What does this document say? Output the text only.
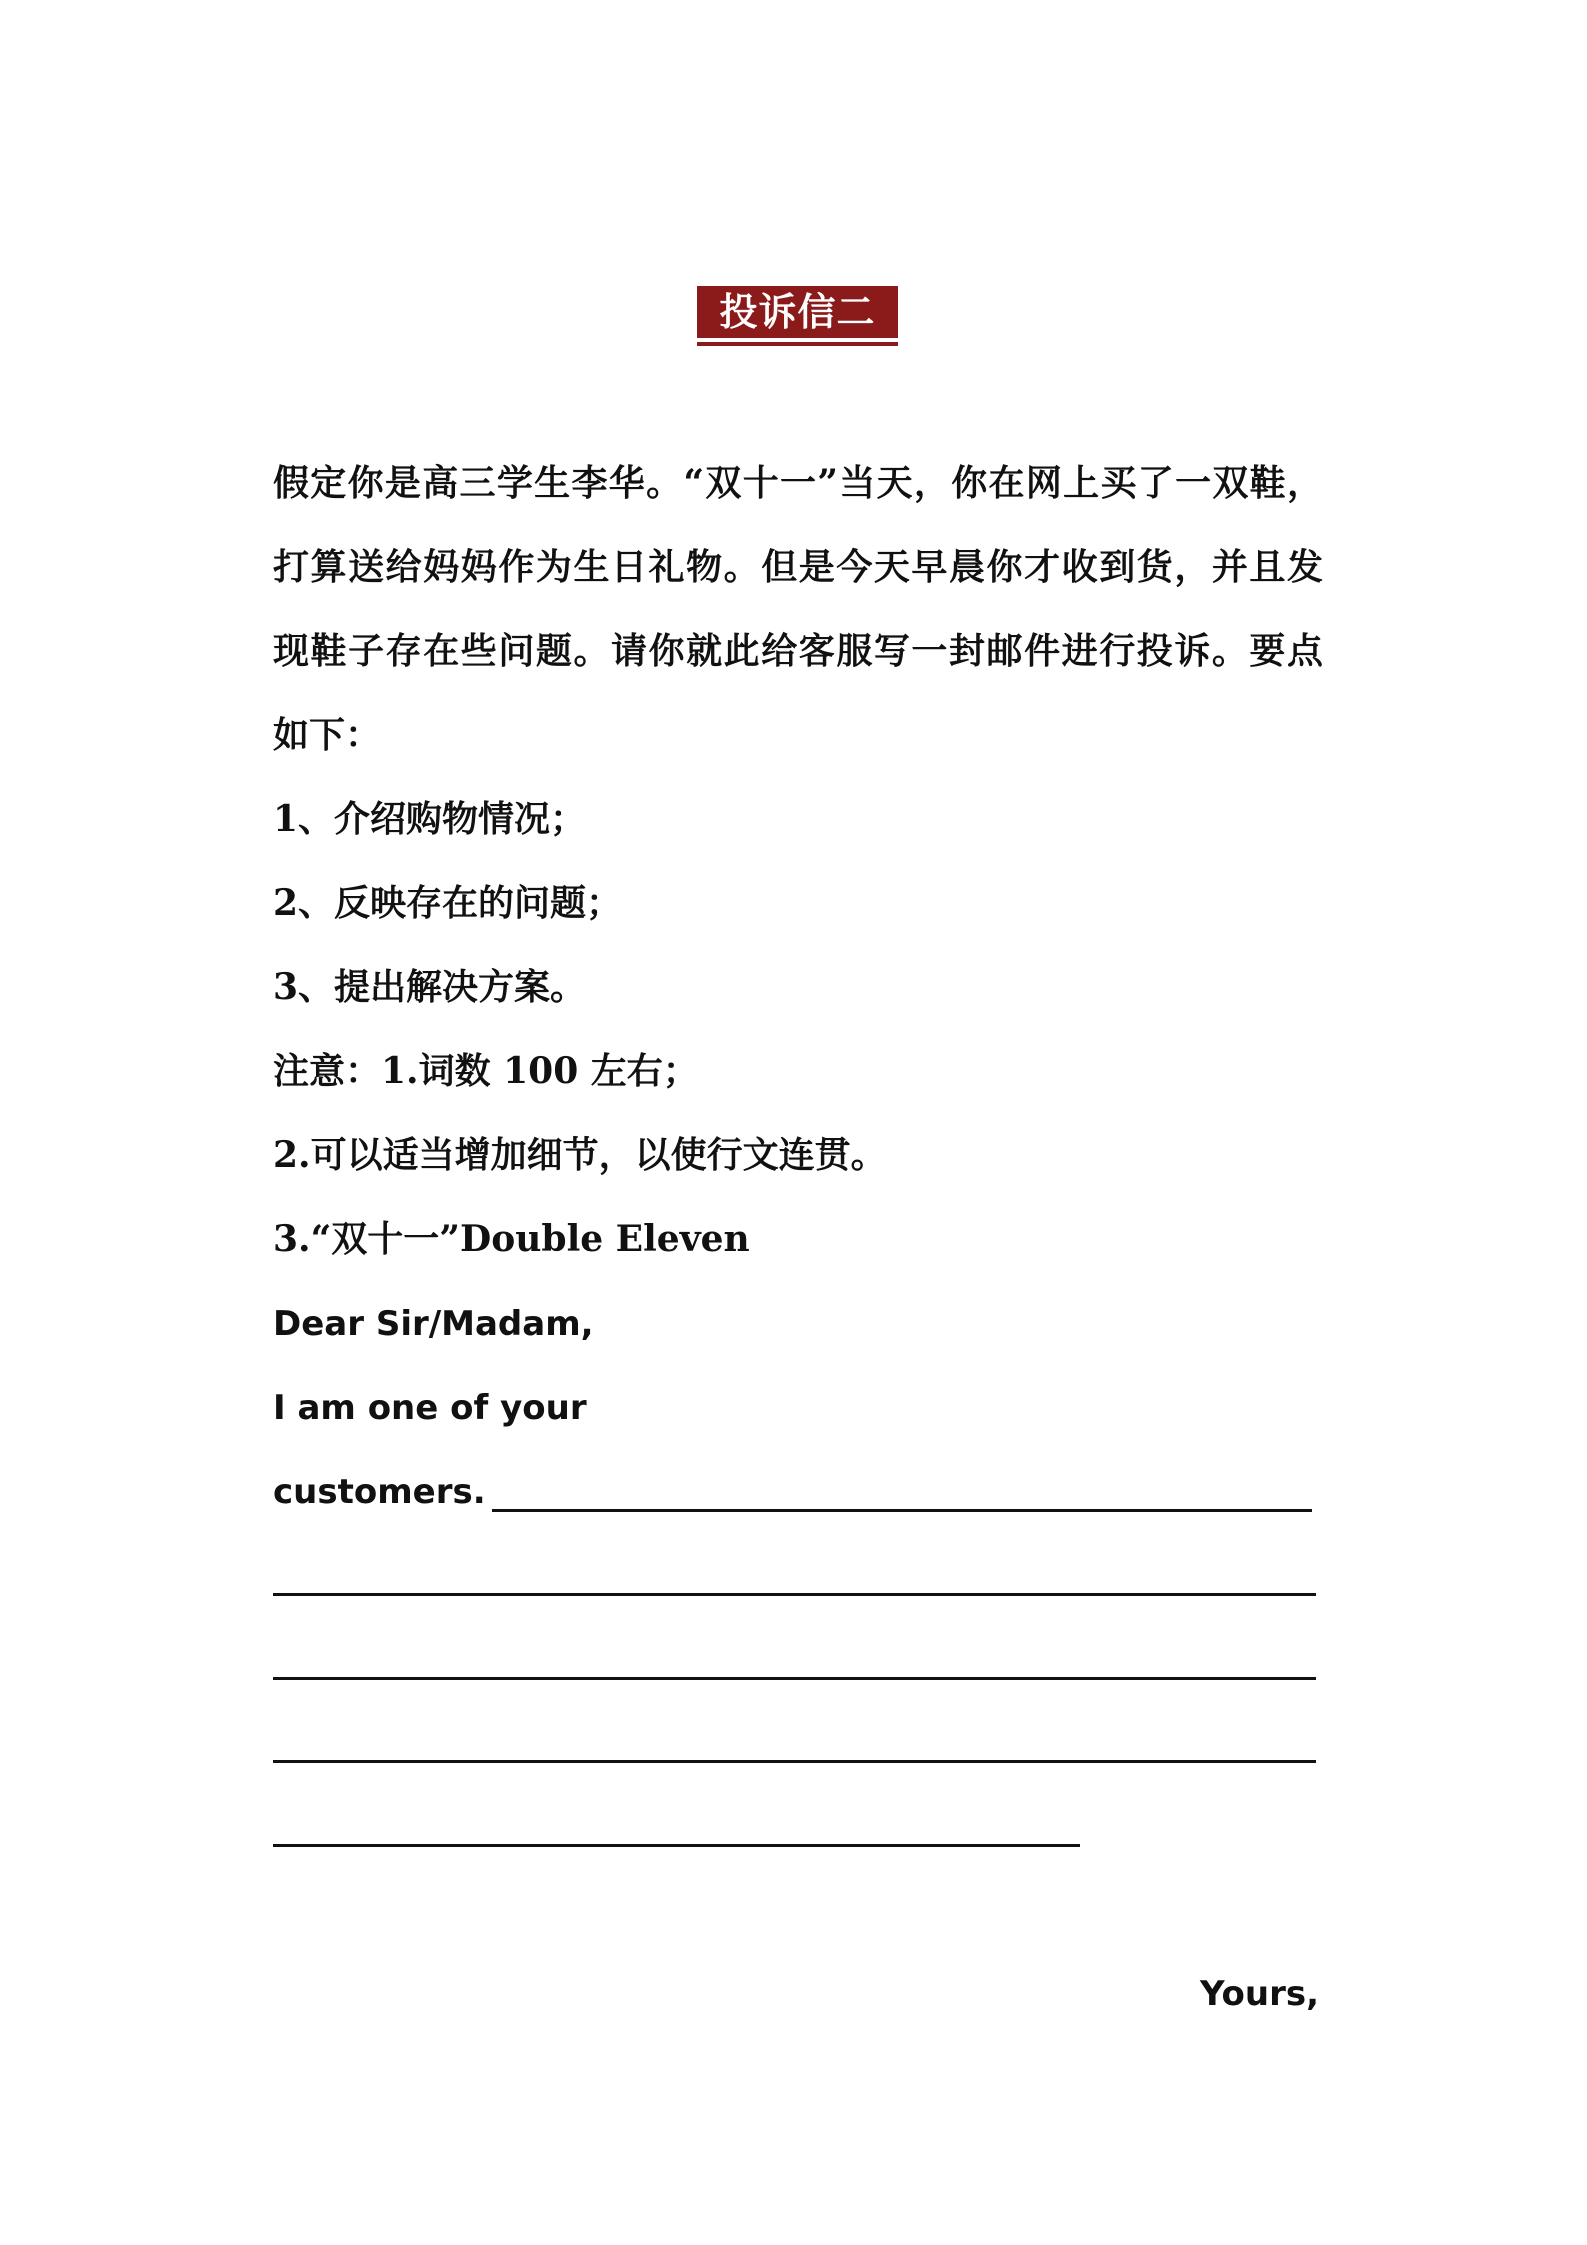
投诉信二
假定你是高三学生李华。“双十一”当天，你在网上买了一双鞋，
打算送给妈妈作为生日礼物。但是今天早晨你才收到货，并且发
现鞋子存在些问题。请你就此给客服写一封邮件进行投诉。要点
如下：
1、介绍购物情况；
2、反映存在的问题；
3、提出解决方案。
注意：1.词数 100 左右；
2.可以适当增加细节，以使行文连贯。
3.“双十一”Double Eleven
Dear Sir/Madam,
I am one of your
customers.
Yours,
